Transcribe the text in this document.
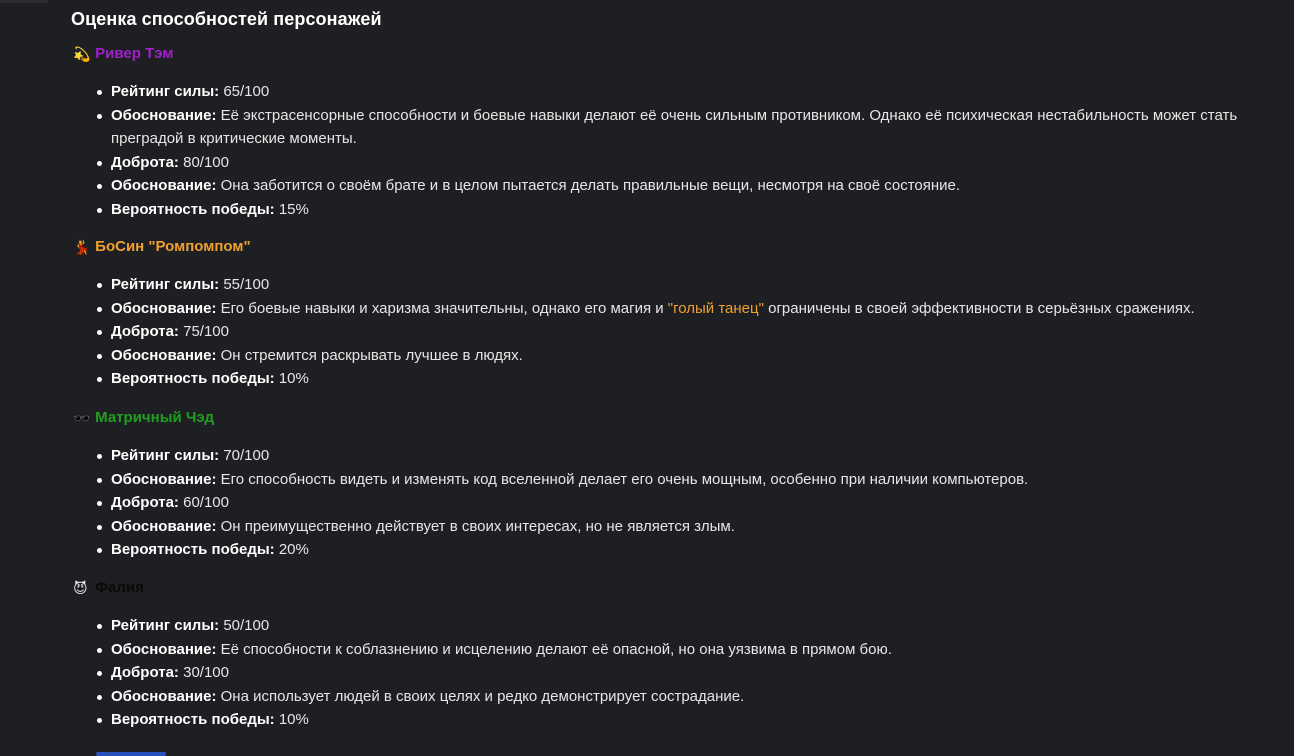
Оценка способностей персонажей
💫 Ривер Тэм
Рейтинг силы: 65/100
Обоснование: Её экстрасенсорные способности и боевые навыки делают её очень сильным противником. Однако её психическая нестабильность может стать преградой в критические моменты.
Доброта: 80/100
Обоснование: Она заботится о своём брате и в целом пытается делать правильные вещи, несмотря на своё состояние.
Вероятность победы: 15%
💃 БоСин "Ромпомпом"
Рейтинг силы: 55/100
Обоснование: Его боевые навыки и харизма значительны, однако его магия и "голый танец" ограничены в своей эффективности в серьёзных сражениях.
Доброта: 75/100
Обоснование: Он стремится раскрывать лучшее в людях.
Вероятность победы: 10%
🕶️ Матричный Чэд
Рейтинг силы: 70/100
Обоснование: Его способность видеть и изменять код вселенной делает его очень мощным, особенно при наличии компьютеров.
Доброта: 60/100
Обоснование: Он преимущественно действует в своих интересах, но не является злым.
Вероятность победы: 20%
😈 Фалия
Рейтинг силы: 50/100
Обоснование: Её способности к соблазнению и исцелению делают её опасной, но она уязвима в прямом бою.
Доброта: 30/100
Обоснование: Она использует людей в своих целях и редко демонстрирует сострадание.
Вероятность победы: 10%
